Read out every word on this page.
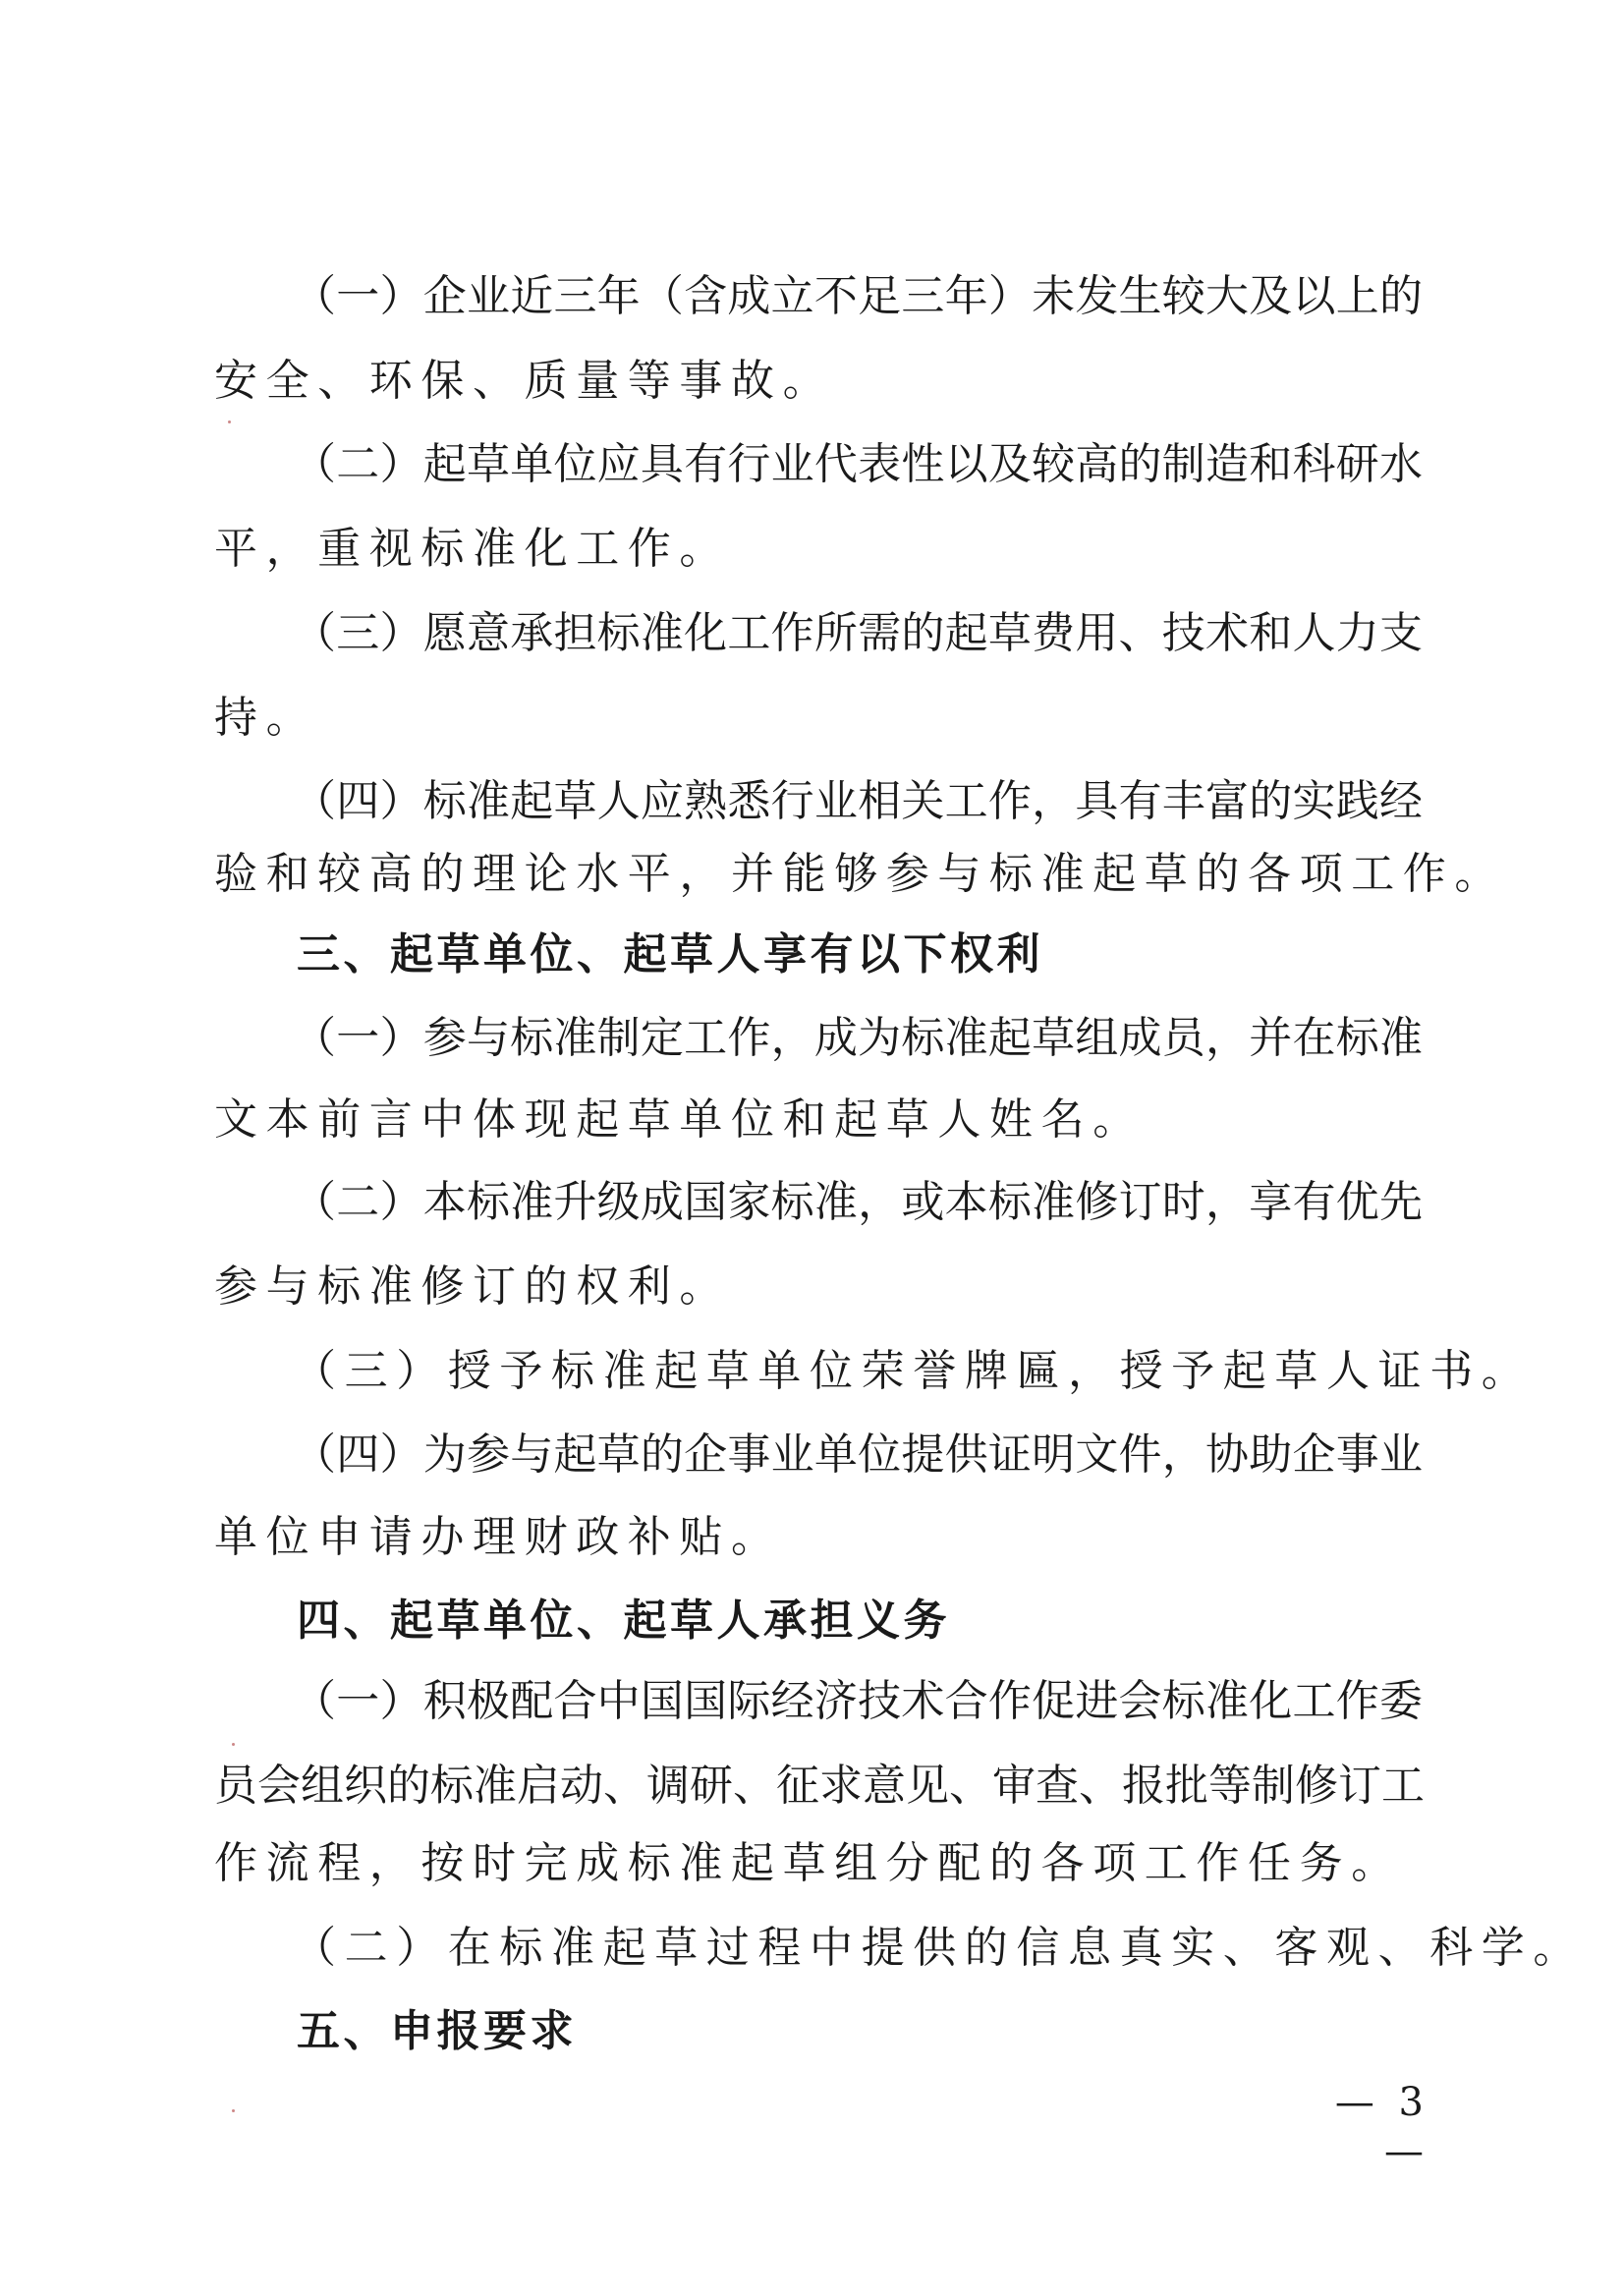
（一）企业近三年（含成立不足三年）未发生较大及以上的
安全、环保、质量等事故。
（二）起草单位应具有行业代表性以及较高的制造和科研水
平，重视标准化工作。
（三）愿意承担标准化工作所需的起草费用、技术和人力支
持。
（四）标准起草人应熟悉行业相关工作，具有丰富的实践经
验和较高的理论水平，并能够参与标准起草的各项工作。
三、起草单位、起草人享有以下权利
（一）参与标准制定工作，成为标准起草组成员，并在标准
文本前言中体现起草单位和起草人姓名。
（二）本标准升级成国家标准，或本标准修订时，享有优先
参与标准修订的权利。
（三）授予标准起草单位荣誉牌匾，授予起草人证书。
（四）为参与起草的企事业单位提供证明文件，协助企事业
单位申请办理财政补贴。
四、起草单位、起草人承担义务
（一）积极配合中国国际经济技术合作促进会标准化工作委
员会组织的标准启动、调研、征求意见、审查、报批等制修订工
作流程，按时完成标准起草组分配的各项工作任务。
（二）在标准起草过程中提供的信息真实、客观、科学。
五、申报要求
— 3 —
